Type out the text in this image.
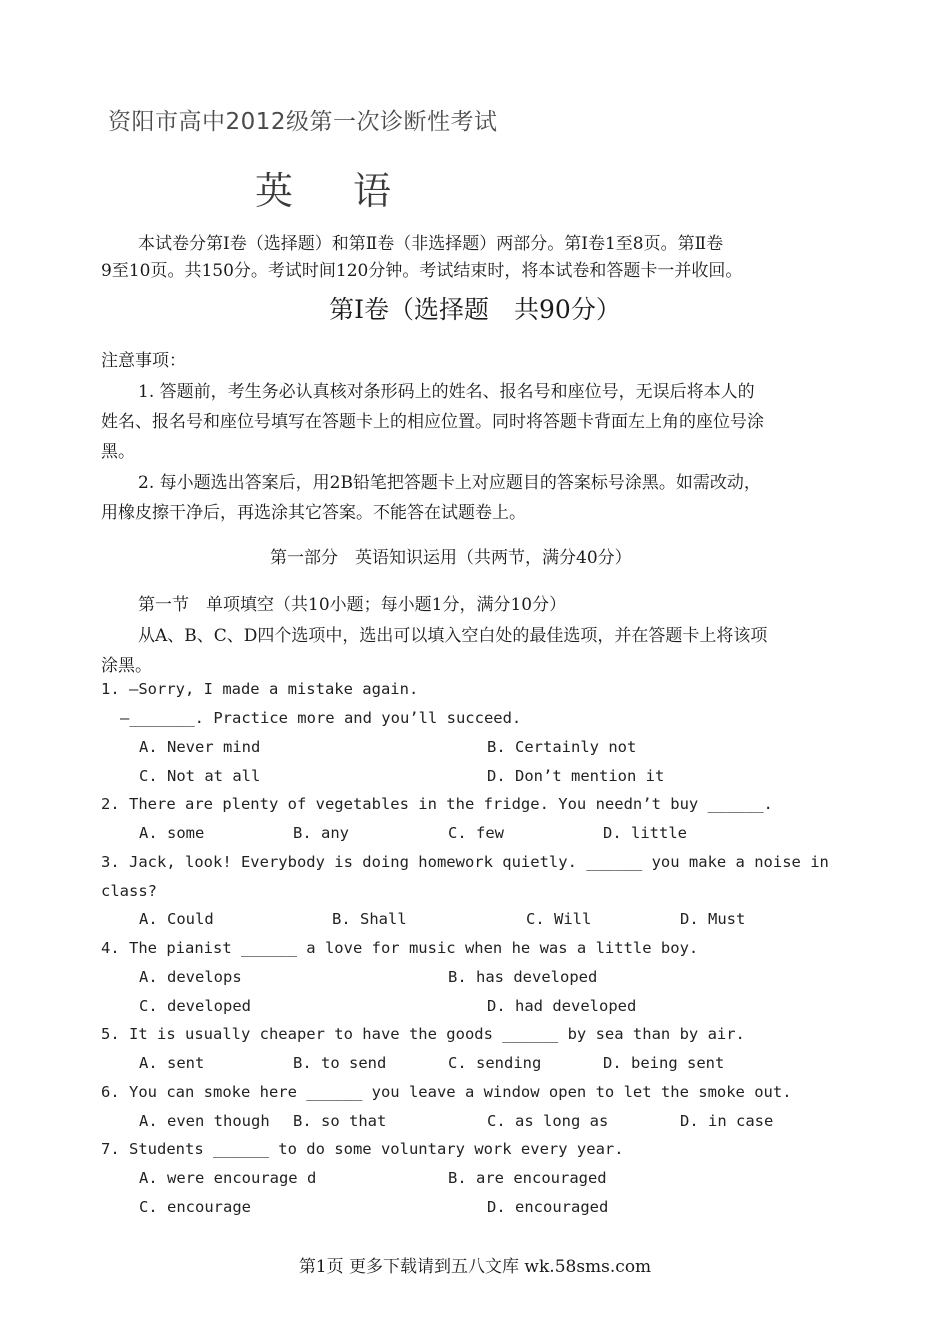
资阳市高中2012级第一次诊断性考试
英语
本试卷分第Ⅰ卷（选择题）和第Ⅱ卷（非选择题）两部分。第Ⅰ卷1至8页。第Ⅱ卷
9至10页。共150分。考试时间120分钟。考试结束时，将本试卷和答题卡一并收回。
第Ⅰ卷（选择题　共90分）
注意事项：
1. 答题前，考生务必认真核对条形码上的姓名、报名号和座位号，无误后将本人的
姓名、报名号和座位号填写在答题卡上的相应位置。同时将答题卡背面左上角的座位号涂
黑。
2. 每小题选出答案后，用2B铅笔把答题卡上对应题目的答案标号涂黑。如需改动，
用橡皮擦干净后，再选涂其它答案。不能答在试题卷上。
第一部分　英语知识运用（共两节，满分40分）
第一节　单项填空（共10小题；每小题1分，满分10分）
从A、B、C、D四个选项中，选出可以填入空白处的最佳选项，并在答题卡上将该项
涂黑。
1. —Sorry, I made a mistake again.
—_______. Practice more and you’ll succeed.
A. Never mind	B. Certainly not
C. Not at all	D. Don’t mention it
2. There are plenty of vegetables in the fridge. You needn’t buy ______.
A. some	B. any	C. few	D. little
3. Jack, look! Everybody is doing homework quietly. ______ you make a noise in
class?
A. Could	B. Shall	C. Will	D. Must
4. The pianist ______ a love for music when he was a little boy.
A. develops	B. has developed
C. developed	D. had developed
5. It is usually cheaper to have the goods ______ by sea than by air.
A. sent	B. to send	C. sending	D. being sent
6. You can smoke here ______ you leave a window open to let the smoke out.
A. even though B. so that	C. as long as	D. in case
7. Students ______ to do some voluntary work every year.
A. were encourage d	B. are encouraged
C. encourage	D. encouraged
第1页 更多下载请到五八文库 wk.58sms.com
